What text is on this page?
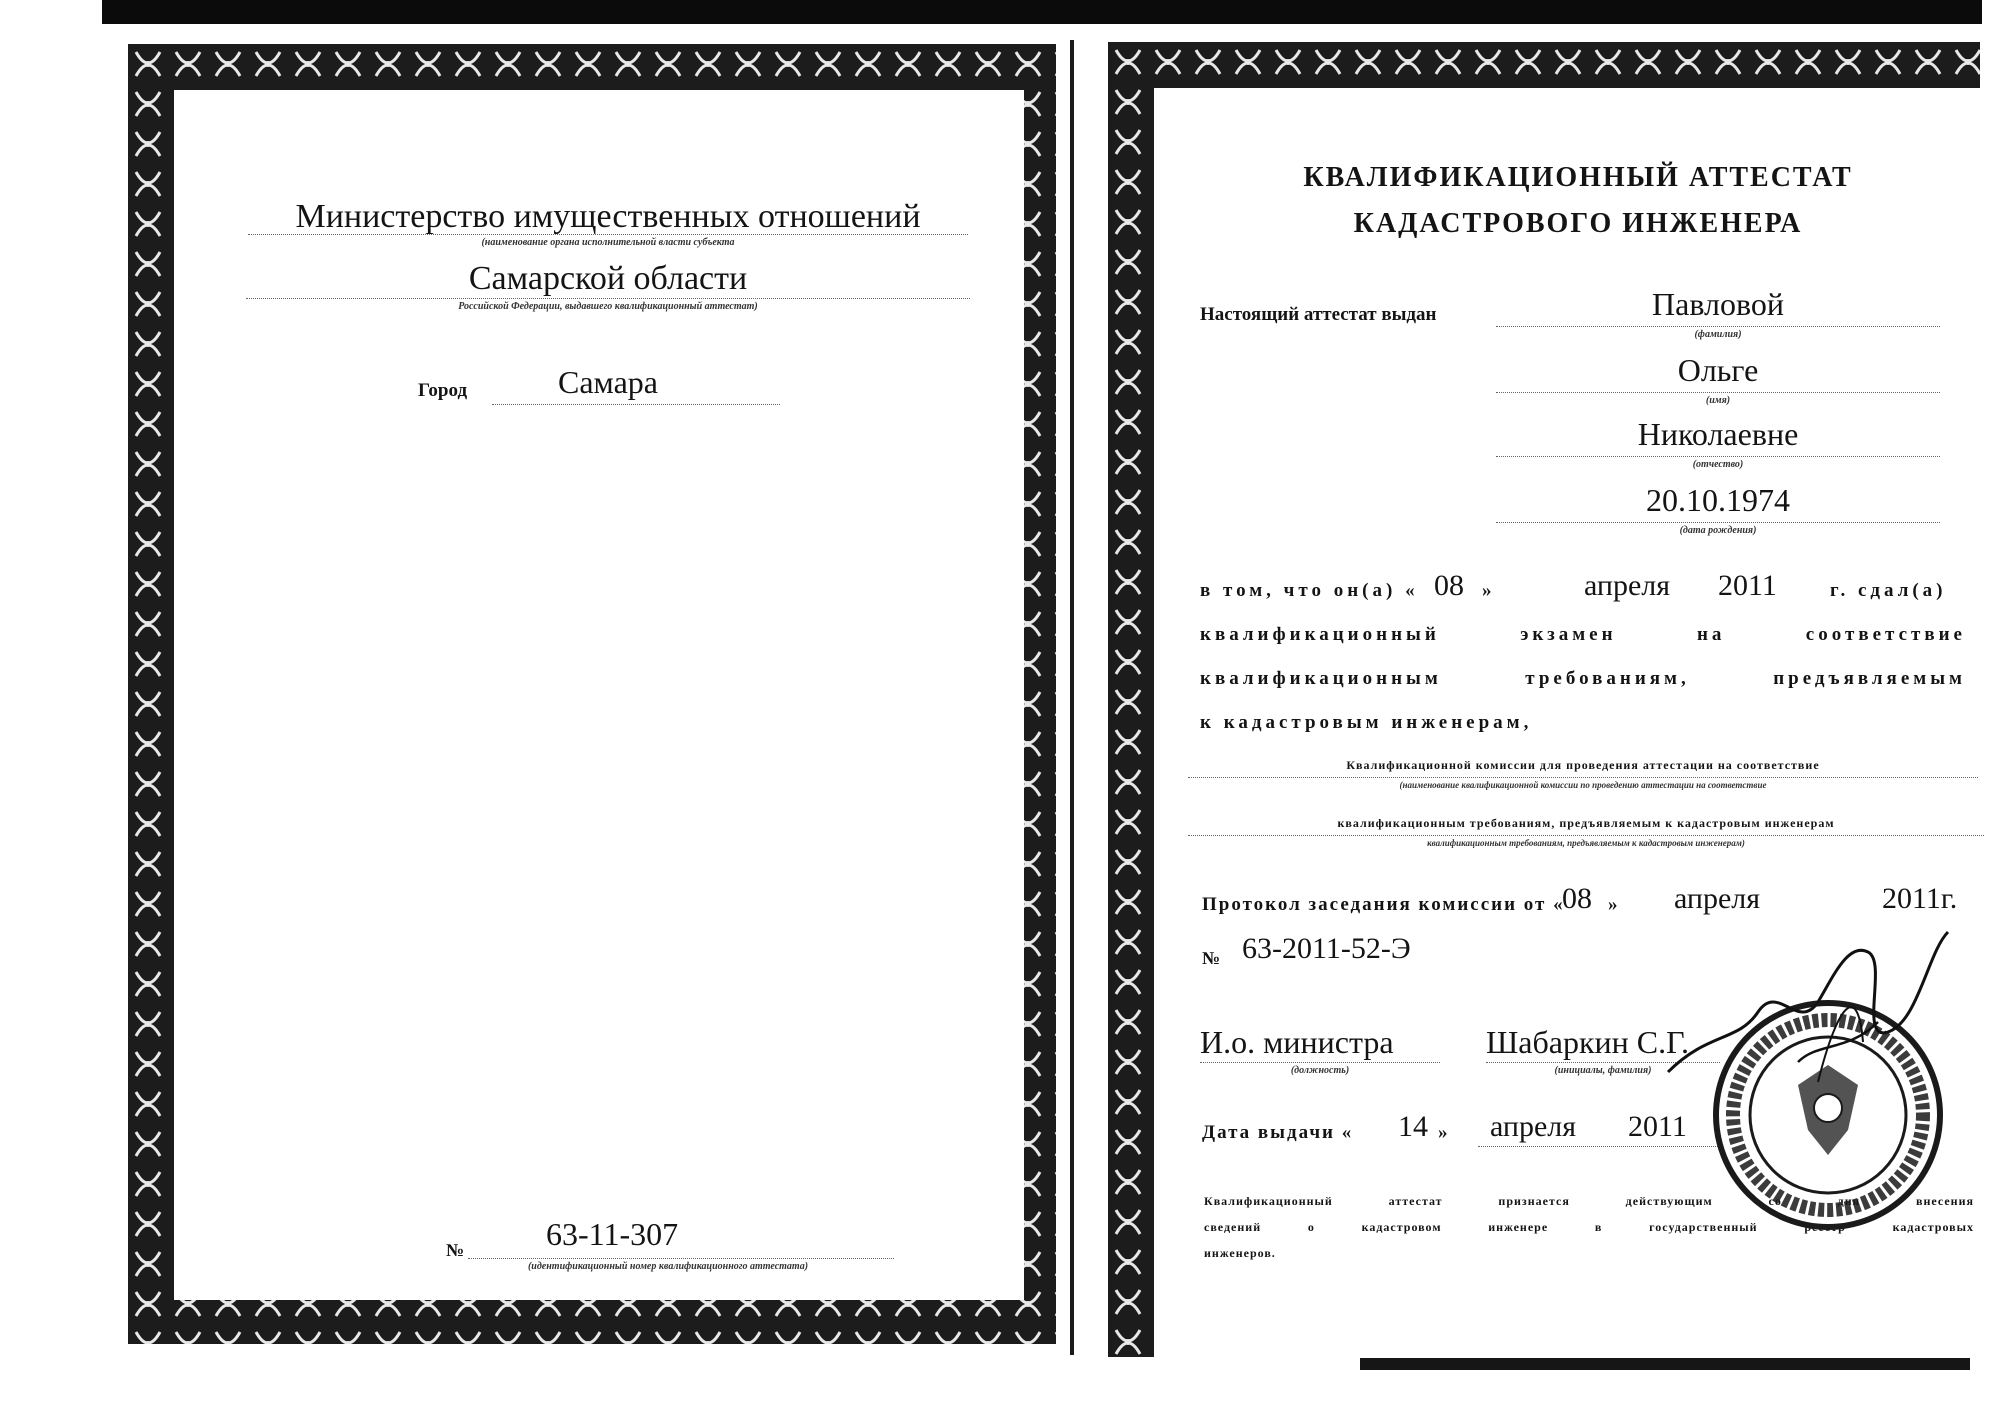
Министерство имущественных отношений
(наименование органа исполнительной власти субъекта
Самарской области
Российской Федерации, выдавшего квалификационный аттестат)
Город	Самара
№	63-11-307
(идентификационный номер квалификационного аттестата)
КВАЛИФИКАЦИОННЫЙ АТТЕСТАТ
КАДАСТРОВОГО ИНЖЕНЕРА
Настоящий аттестат выдан	Павловой
(фамилия)
Ольге
(имя)
Николаевне
(отчество)
20.10.1974
(дата рождения)
в том, что он(а) « 08 »	апреля 2011	г. сдал(а)
квалификационный экзамен на соответствие
квалификационным требованиям, предъявляемым
к кадастровым инженерам,
Квалификационной комиссии для проведения аттестации на соответствие
(наименование квалификационной комиссии по проведению аттестации на соответствие
квалификационным требованиям, предъявляемым к кадастровым инженерам
квалификационным требованиям, предъявляемым к кадастровым инженерам)
Протокол заседания комиссии от «
08 » апреля	2011г.
№ 63-2011-52-Э
И.о. министра
(должность)
Шабаркин С.Г.
(инициалы, фамилия)
Дата выдачи « 14 » апреля 2011
Квалификационный аттестат признается действующим со дня внесения
сведений о кадастровом инженере в государственный реестр кадастровых
инженеров.
